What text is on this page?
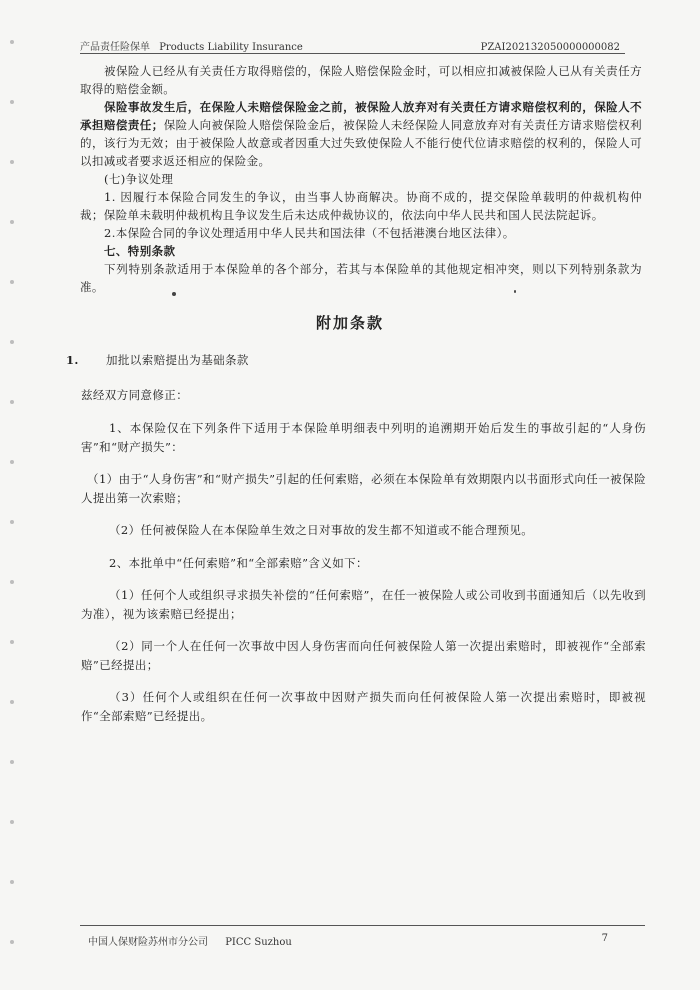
产品责任险保单 Products Liability Insurance	PZAI202132050000000082

被保险人已经从有关责任方取得赔偿的，保险人赔偿保险金时，可以相应扣减被保险人已从有关责任方取得的赔偿金额。

保险事故发生后，在保险人未赔偿保险金之前，被保险人放弃对有关责任方请求赔偿权利的，保险人不承担赔偿责任；保险人向被保险人赔偿保险金后，被保险人未经保险人同意放弃对有关责任方请求赔偿权利的，该行为无效；由于被保险人故意或者因重大过失致使保险人不能行使代位请求赔偿的权利的，保险人可以扣减或者要求返还相应的保险金。

(七)争议处理

1. 因履行本保险合同发生的争议，由当事人协商解决。协商不成的，提交保险单载明的仲裁机构仲裁；保险单未载明仲裁机构且争议发生后未达成仲裁协议的，依法向中华人民共和国人民法院起诉。

2.本保险合同的争议处理适用中华人民共和国法律（不包括港澳台地区法律）。

七、特别条款

下列特别条款适用于本保险单的各个部分，若其与本保险单的其他规定相冲突，则以下列特别条款为准。

附加条款
1.	加批以索赔提出为基础条款

兹经双方同意修正：

1、本保险仅在下列条件下适用于本保险单明细表中列明的追溯期开始后发生的事故引起的“人身伤害”和“财产损失”：

（1）由于“人身伤害”和“财产损失”引起的任何索赔，必须在本保险单有效期限内以书面形式向任一被保险人提出第一次索赔；

（2）任何被保险人在本保险单生效之日对事故的发生都不知道或不能合理预见。

2、本批单中“任何索赔”和“全部索赔”含义如下：

（1）任何个人或组织寻求损失补偿的“任何索赔”，在任一被保险人或公司收到书面通知后（以先收到为准），视为该索赔已经提出；

（2）同一个人在任何一次事故中因人身伤害而向任何被保险人第一次提出索赔时，即被视作“全部索赔”已经提出；

（3）任何个人或组织在任何一次事故中因财产损失而向任何被保险人第一次提出索赔时，即被视作“全部索赔”已经提出。

中国人保财险苏州市分公司 PICC Suzhou	7
